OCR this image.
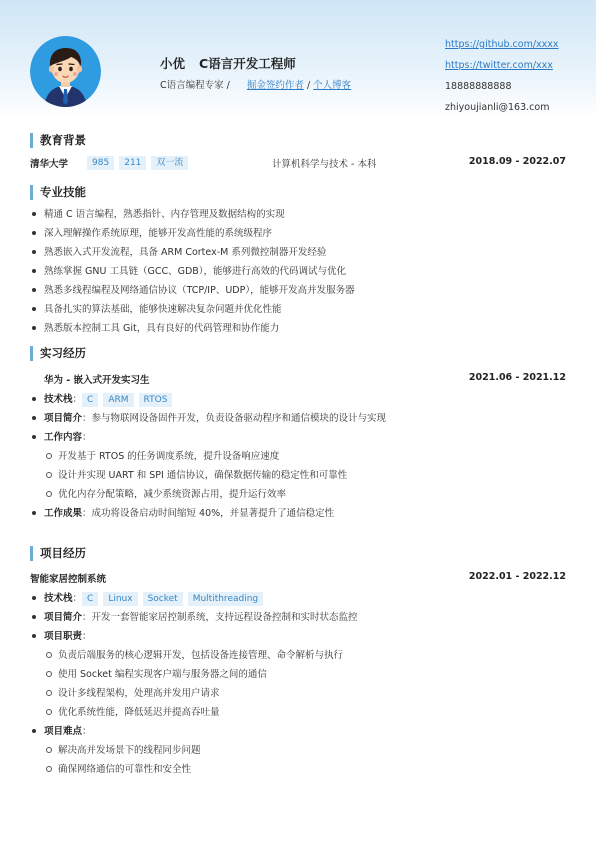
小优 C语言开发工程师
C语言编程专家 / 掘金签约作者 / 个人博客
https://github.com/xxxx
https://twitter.com/xxx
18888888888
zhiyoujianli@163.com
教育背景
清华大学	985 211 双一流	计算机科学与技术 - 本科	2018.09 - 2022.07
专业技能
精通 C 语言编程，熟悉指针、内存管理及数据结构的实现
深入理解操作系统原理，能够开发高性能的系统级程序
熟悉嵌入式开发流程，具备 ARM Cortex-M 系列微控制器开发经验
熟练掌握 GNU 工具链（GCC、GDB），能够进行高效的代码调试与优化
熟悉多线程编程及网络通信协议（TCP/IP、UDP），能够开发高并发服务器
具备扎实的算法基础，能够快速解决复杂问题并优化性能
熟悉版本控制工具 Git，具有良好的代码管理和协作能力
实习经历
华为 - 嵌入式开发实习生	2021.06 - 2021.12
技术栈： C ARM RTOS
项目简介：参与物联网设备固件开发，负责设备驱动程序和通信模块的设计与实现
工作内容：
开发基于 RTOS 的任务调度系统，提升设备响应速度
设计并实现 UART 和 SPI 通信协议，确保数据传输的稳定性和可靠性
优化内存分配策略，减少系统资源占用，提升运行效率
工作成果：成功将设备启动时间缩短 40%，并显著提升了通信稳定性
项目经历
智能家居控制系统	2022.01 - 2022.12
技术栈： C Linux Socket Multithreading
项目简介：开发一套智能家居控制系统，支持远程设备控制和实时状态监控
项目职责：
负责后端服务的核心逻辑开发，包括设备连接管理、命令解析与执行
使用 Socket 编程实现客户端与服务器之间的通信
设计多线程架构，处理高并发用户请求
优化系统性能，降低延迟并提高吞吐量
项目难点：
解决高并发场景下的线程同步问题
确保网络通信的可靠性和安全性
